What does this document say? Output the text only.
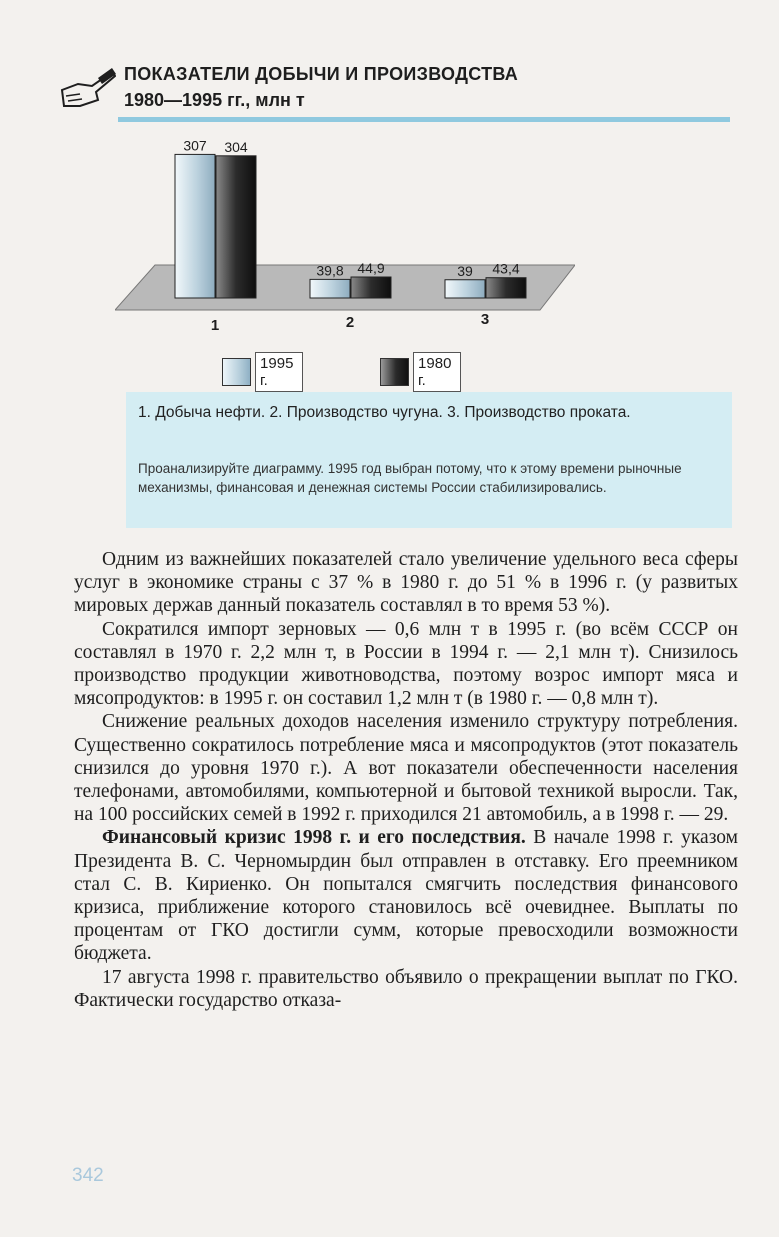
ПОКАЗАТЕЛИ ДОБЫЧИ И ПРОИЗВОДСТВА
1980—1995 гг., млн т
307 304
1
39,8 44,9
2
39 43,4
3
1995 г.
1980 г.
1. Добыча нефти. 2. Производство чугуна. 3. Производство проката.
Проанализируйте диаграмму. 1995 год выбран потому, что к этому времени рыночные механизмы, финансовая и денежная системы России стабилизировались.

Одним из важнейших показателей стало увеличение удельного веса сферы услуг в экономике страны с 37 % в 1980 г. до 51 % в 1996 г. (у развитых мировых держав данный показатель составлял в то время 53 %).

Сократился импорт зерновых — 0,6 млн т в 1995 г. (во всём СССР он составлял в 1970 г. 2,2 млн т, в России в 1994 г. — 2,1 млн т). Снизилось производство продукции животноводства, поэтому возрос импорт мяса и мясопродуктов: в 1995 г. он составил 1,2 млн т (в 1980 г. — 0,8 млн т).

Снижение реальных доходов населения изменило структуру потребления. Существенно сократилось потребление мяса и мясопродуктов (этот показатель снизился до уровня 1970 г.). А вот показатели обеспеченности населения телефонами, автомобилями, компьютерной и бытовой техникой выросли. Так, на 100 российских семей в 1992 г. приходился 21 автомобиль, а в 1998 г. — 29.

Финансовый кризис 1998 г. и его последствия. В начале 1998 г. указом Президента В. С. Черномырдин был отправлен в отставку. Его преемником стал С. В. Кириенко. Он попытался смягчить последствия финансового кризиса, приближение которого становилось всё очевиднее. Выплаты по процентам от ГКО достигли сумм, которые превосходили возможности бюджета.

17 августа 1998 г. правительство объявило о прекращении выплат по ГКО. Фактически государство отказа-

342
